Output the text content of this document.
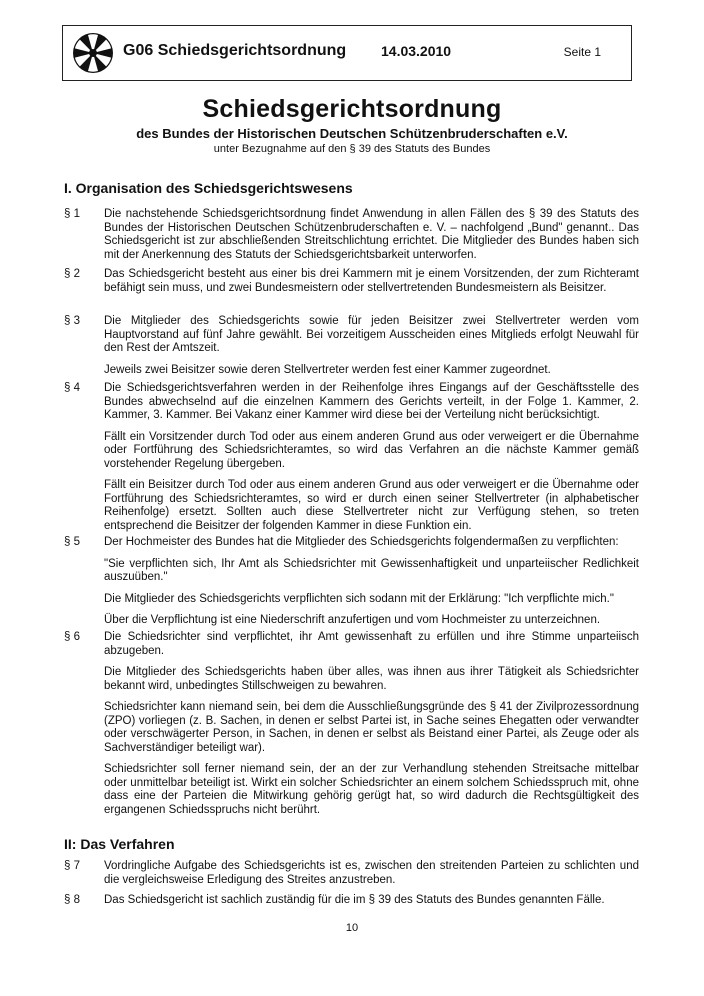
G06 Schiedsgerichtsordnung 14.03.2010	Seite 1
Schiedsgerichtsordnung
des Bundes der Historischen Deutschen Schützenbruderschaften e.V.
unter Bezugnahme auf den § 39 des Statuts des Bundes
I. Organisation des Schiedsgerichtswesens
§ 1 Die nachstehende Schiedsgerichtsordnung findet Anwendung in allen Fällen des § 39 des Statuts des Bundes der Historischen Deutschen Schützenbruderschaften e. V. – nachfolgend „Bund" genannt.. Das Schiedsgericht ist zur abschließenden Streitschlichtung errichtet. Die Mitglieder des Bundes haben sich mit der Anerkennung des Statuts der Schiedsgerichtsbarkeit unterworfen.

§ 2 Das Schiedsgericht besteht aus einer bis drei Kammern mit je einem Vorsitzenden, der zum Richteramt befähigt sein muss, und zwei Bundesmeistern oder stellvertretenden Bundesmeistern als Beisitzer.

§ 3 Die Mitglieder des Schiedsgerichts sowie für jeden Beisitzer zwei Stellvertreter werden vom Hauptvorstand auf fünf Jahre gewählt. Bei vorzeitigem Ausscheiden eines Mitglieds erfolgt Neuwahl für den Rest der Amtszeit.

Jeweils zwei Beisitzer sowie deren Stellvertreter werden fest einer Kammer zugeordnet.

§ 4 Die Schiedsgerichtsverfahren werden in der Reihenfolge ihres Eingangs auf der Geschäftsstelle des Bundes abwechselnd auf die einzelnen Kammern des Gerichts verteilt, in der Folge 1. Kammer, 2. Kammer, 3. Kammer. Bei Vakanz einer Kammer wird diese bei der Verteilung nicht berücksichtigt.

Fällt ein Vorsitzender durch Tod oder aus einem anderen Grund aus oder verweigert er die Übernahme oder Fortführung des Schiedsrichteramtes, so wird das Verfahren an die nächste Kammer gemäß vorstehender Regelung übergeben.

Fällt ein Beisitzer durch Tod oder aus einem anderen Grund aus oder verweigert er die Übernahme oder Fortführung des Schiedsrichteramtes, so wird er durch einen seiner Stellvertreter (in alphabetischer Reihenfolge) ersetzt. Sollten auch diese Stellvertreter nicht zur Verfügung stehen, so treten entsprechend die Beisitzer der folgenden Kammer in diese Funktion ein.

§ 5 Der Hochmeister des Bundes hat die Mitglieder des Schiedsgerichts folgendermaßen zu verpflichten:

"Sie verpflichten sich, Ihr Amt als Schiedsrichter mit Gewissenhaftigkeit und unparteiischer Redlichkeit auszuüben."

Die Mitglieder des Schiedsgerichts verpflichten sich sodann mit der Erklärung: "Ich verpflichte mich."

Über die Verpflichtung ist eine Niederschrift anzufertigen und vom Hochmeister zu unterzeichnen.

§ 6 Die Schiedsrichter sind verpflichtet, ihr Amt gewissenhaft zu erfüllen und ihre Stimme unparteiisch abzugeben.

Die Mitglieder des Schiedsgerichts haben über alles, was ihnen aus ihrer Tätigkeit als Schiedsrichter bekannt wird, unbedingtes Stillschweigen zu bewahren.

Schiedsrichter kann niemand sein, bei dem die Ausschließungsgründe des § 41 der Zivilprozessordnung (ZPO) vorliegen (z. B. Sachen, in denen er selbst Partei ist, in Sache seines Ehegatten oder verwandter oder verschwägerter Person, in Sachen, in denen er selbst als Beistand einer Partei, als Zeuge oder als Sachverständiger beteiligt war).

Schiedsrichter soll ferner niemand sein, der an der zur Verhandlung stehenden Streitsache mittelbar oder unmittelbar beteiligt ist. Wirkt ein solcher Schiedsrichter an einem solchem Schiedsspruch mit, ohne dass eine der Parteien die Mitwirkung gehörig gerügt hat, so wird dadurch die Rechtsgültigkeit des ergangenen Schiedsspruchs nicht berührt.

II: Das Verfahren
§ 7 Vordringliche Aufgabe des Schiedsgerichts ist es, zwischen den streitenden Parteien zu schlichten und die vergleichsweise Erledigung des Streites anzustreben.

§ 8 Das Schiedsgericht ist sachlich zuständig für die im § 39 des Statuts des Bundes genannten Fälle.

10
